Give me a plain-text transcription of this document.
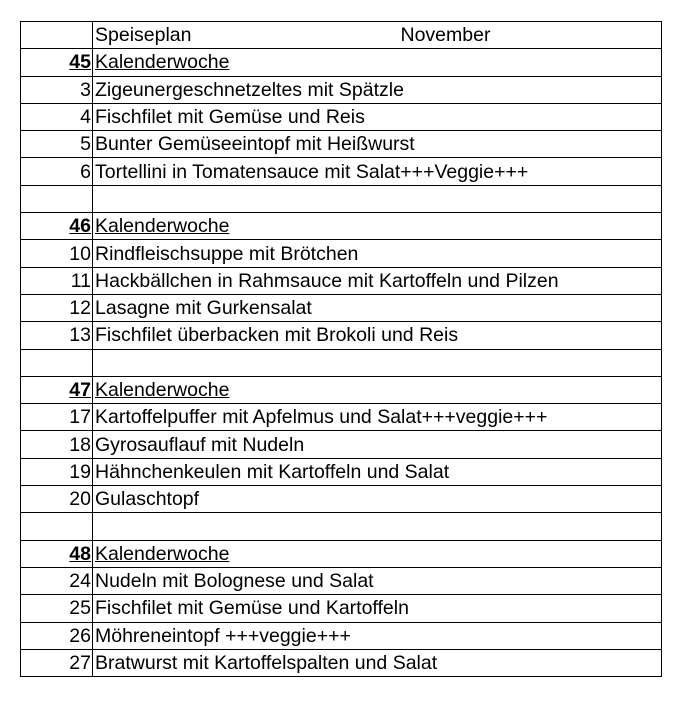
	Speiseplan November
45	Kalenderwoche
3	Zigeunergeschnetzeltes mit Spätzle
4	Fischfilet mit Gemüse und Reis
5	Bunter Gemüseeintopf mit Heißwurst
6	Tortellini in Tomatensauce mit Salat+++Veggie+++

46	Kalenderwoche
10	Rindfleischsuppe mit Brötchen
11	Hackbällchen in Rahmsauce mit Kartoffeln und Pilzen
12	Lasagne mit Gurkensalat
13	Fischfilet überbacken mit Brokoli und Reis

47	Kalenderwoche
17	Kartoffelpuffer mit Apfelmus und Salat+++veggie+++
18	Gyrosauflauf mit Nudeln
19	Hähnchenkeulen mit Kartoffeln und Salat
20	Gulaschtopf

48	Kalenderwoche
24	Nudeln mit Bolognese und Salat
25	Fischfilet mit Gemüse und Kartoffeln
26	Möhreneintopf +++veggie+++
27	Bratwurst mit Kartoffelspalten und Salat
